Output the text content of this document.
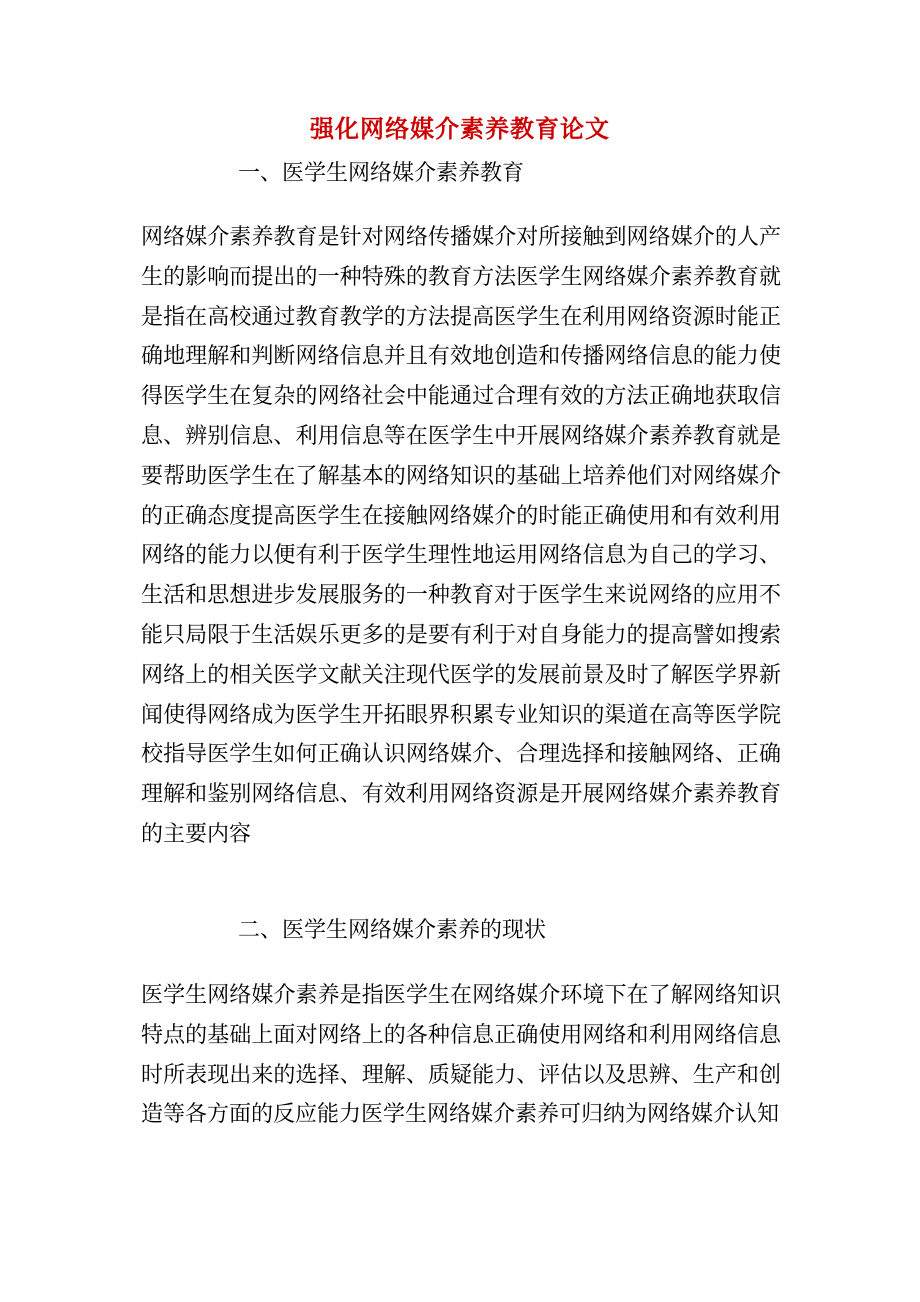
强化网络媒介素养教育论文
一、医学生网络媒介素养教育
网络媒介素养教育是针对网络传播媒介对所接触到网络媒介的人产
生的影响而提出的一种特殊的教育方法医学生网络媒介素养教育就
是指在高校通过教育教学的方法提高医学生在利用网络资源时能正
确地理解和判断网络信息并且有效地创造和传播网络信息的能力使
得医学生在复杂的网络社会中能通过合理有效的方法正确地获取信
息、辨别信息、利用信息等在医学生中开展网络媒介素养教育就是
要帮助医学生在了解基本的网络知识的基础上培养他们对网络媒介
的正确态度提高医学生在接触网络媒介的时能正确使用和有效利用
网络的能力以便有利于医学生理性地运用网络信息为自己的学习、
生活和思想进步发展服务的一种教育对于医学生来说网络的应用不
能只局限于生活娱乐更多的是要有利于对自身能力的提高譬如搜索
网络上的相关医学文献关注现代医学的发展前景及时了解医学界新
闻使得网络成为医学生开拓眼界积累专业知识的渠道在高等医学院
校指导医学生如何正确认识网络媒介、合理选择和接触网络、正确
理解和鉴别网络信息、有效利用网络资源是开展网络媒介素养教育
的主要内容
二、医学生网络媒介素养的现状
医学生网络媒介素养是指医学生在网络媒介环境下在了解网络知识
特点的基础上面对网络上的各种信息正确使用网络和利用网络信息
时所表现出来的选择、理解、质疑能力、评估以及思辨、生产和创
造等各方面的反应能力医学生网络媒介素养可归纳为网络媒介认知
